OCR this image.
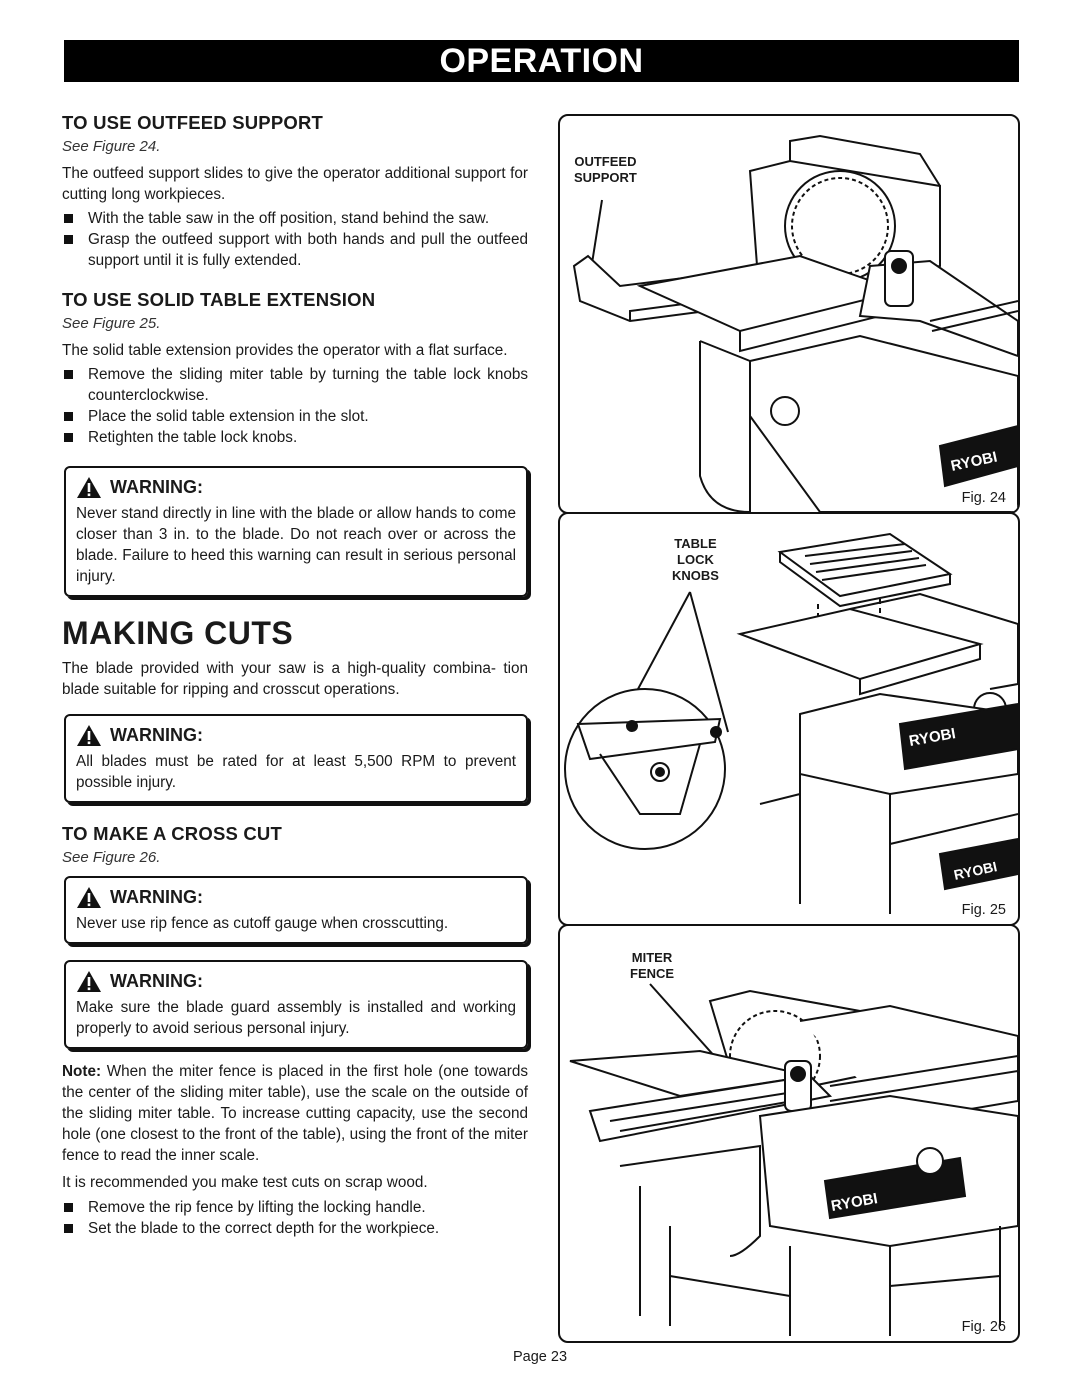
OPERATION
TO USE OUTFEED SUPPORT
See Figure 24.

The outfeed support slides to give the operator additional support for cutting long workpieces.

With the table saw in the off position, stand behind the saw.
Grasp the outfeed support with both hands and pull the outfeed support until it is fully extended.
TO USE SOLID TABLE EXTENSION
See Figure 25.

The solid table extension provides the operator with a flat surface.

Remove the sliding miter table by turning the table lock knobs counterclockwise.
Place the solid table extension in the slot.
Retighten the table lock knobs.
WARNING:
Never stand directly in line with the blade or allow hands to come closer than 3 in. to the blade. Do not reach over or across the blade. Failure to heed this warning can result in serious personal injury.
MAKING CUTS

The blade provided with your saw is a high-quality combina- tion blade suitable for ripping and crosscut operations.

WARNING:
All blades must be rated for at least 5,500 RPM to prevent possible injury.
TO MAKE A CROSS CUT
See Figure 26.
WARNING:
Never use rip fence as cutoff gauge when crosscutting.
WARNING:
Make sure the blade guard assembly is installed and working properly to avoid serious personal injury.

Note: When the miter fence is placed in the first hole (one towards the center of the sliding miter table), use the scale on the outside of the sliding miter table. To increase cutting capacity, use the second hole (one closest to the front of the table), using the front of the miter fence to read the inner scale.

It is recommended you make test cuts on scrap wood.

Remove the rip fence by lifting the locking handle.
Set the blade to the correct depth for the workpiece.
OUTFEED
SUPPORT
RYOBI
Fig. 24
TABLE
LOCK
KNOBS
RYOBI
RYOBI
Fig. 25
MITER
FENCE
RYOBI
Fig. 26
Page 23
